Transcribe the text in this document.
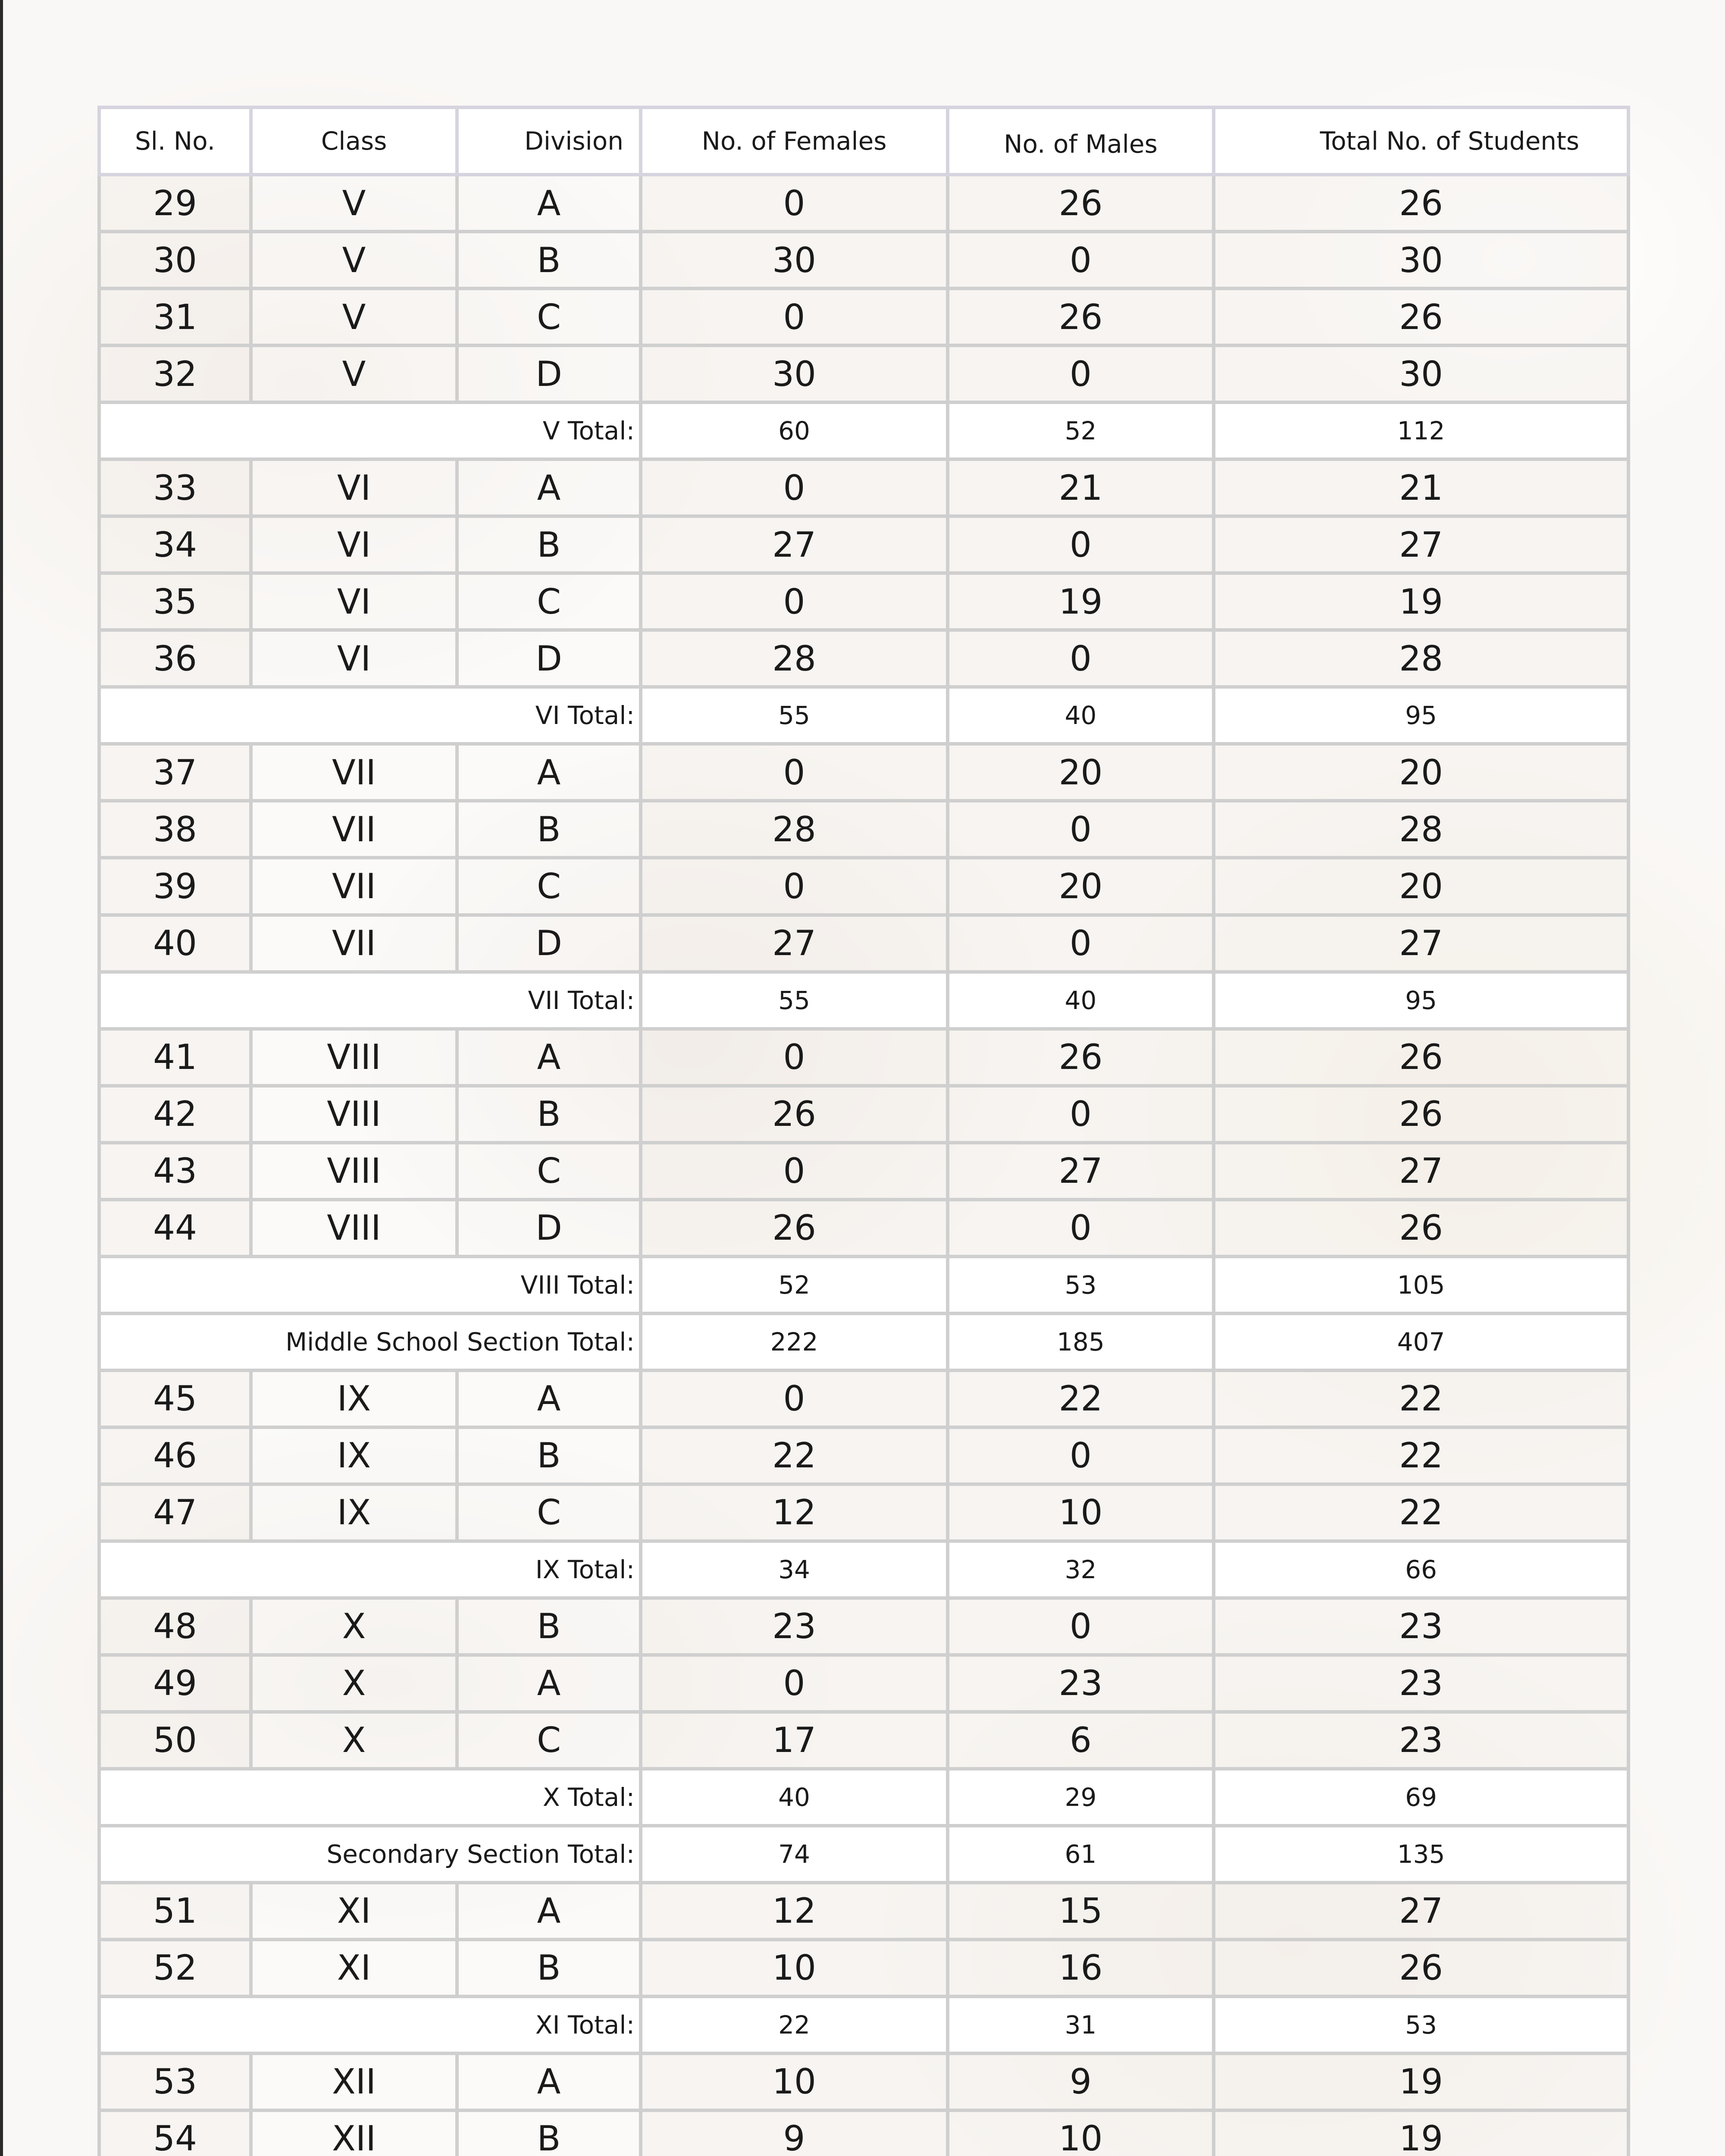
Sl. No.	Class	Division	No. of Females	No. of Males	Total No. of Students
29	V	A	0	26	26
30	V	B	30	0	30
31	V	C	0	26	26
32	V	D	30	0	30
V Total:			60	52	112
33	VI	A	0	21	21
34	VI	B	27	0	27
35	VI	C	0	19	19
36	VI	D	28	0	28
VI Total:			55	40	95
37	VII	A	0	20	20
38	VII	B	28	0	28
39	VII	C	0	20	20
40	VII	D	27	0	27
VII Total:			55	40	95
41	VIII	A	0	26	26
42	VIII	B	26	0	26
43	VIII	C	0	27	27
44	VIII	D	26	0	26
VIII Total:			52	53	105
Middle School Section Total:			222	185	407
45	IX	A	0	22	22
46	IX	B	22	0	22
47	IX	C	12	10	22
IX Total:			34	32	66
48	X	B	23	0	23
49	X	A	0	23	23
50	X	C	17	6	23
X Total:			40	29	69
Secondary Section Total:			74	61	135
51	XI	A	12	15	27
52	XI	B	10	16	26
XI Total:			22	31	53
53	XII	A	10	9	19
54	XII	B	9	10	19
